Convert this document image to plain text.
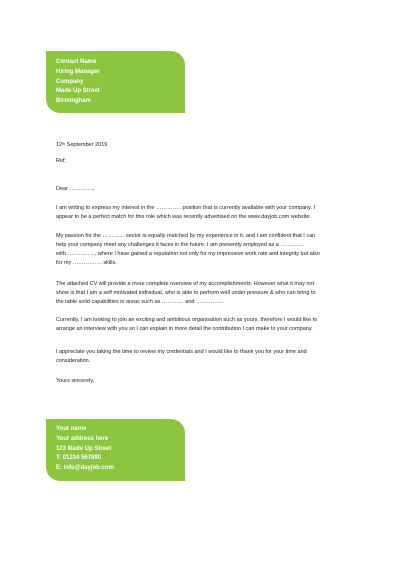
Contact Name
Hiring Manager
Company
Made Up Street
Birmingham
12th September 2019
Ref;
Dear ………….,
I am writing to express my interest in the ………….. position that is currently available with your company. I
appear to be a perfect match for this role which was recently advertised on the www.dayjob.com website.
My passion for the ………… sector is equally matched by my experience in it, and I am confident that I can
help your company meet any challenges it faces in the future. I am presently employed as a ………….
with……………., where I have gained a reputation not only for my impressive work rate and integrity but also
for my ……………. skills.
The attached CV will provide a more complete overview of my accomplishments. However what it may not
show is that I am a self motivated individual, who is able to perform well under pressure & who can bring to
the table solid capabilities in areas such as ………… and ……………
Currently, I am looking to join an exciting and ambitious organisation such as yours, therefore I would like to
arrange an interview with you so I can explain in more detail the contribution I can make to your company.
I appreciate you taking the time to review my credentials and I would like to thank you for your time and
consideration.
Yours sincerely,
Your name
Your address here
123 Made Up Street
T: 01234 567890
E: info@dayjob.com
